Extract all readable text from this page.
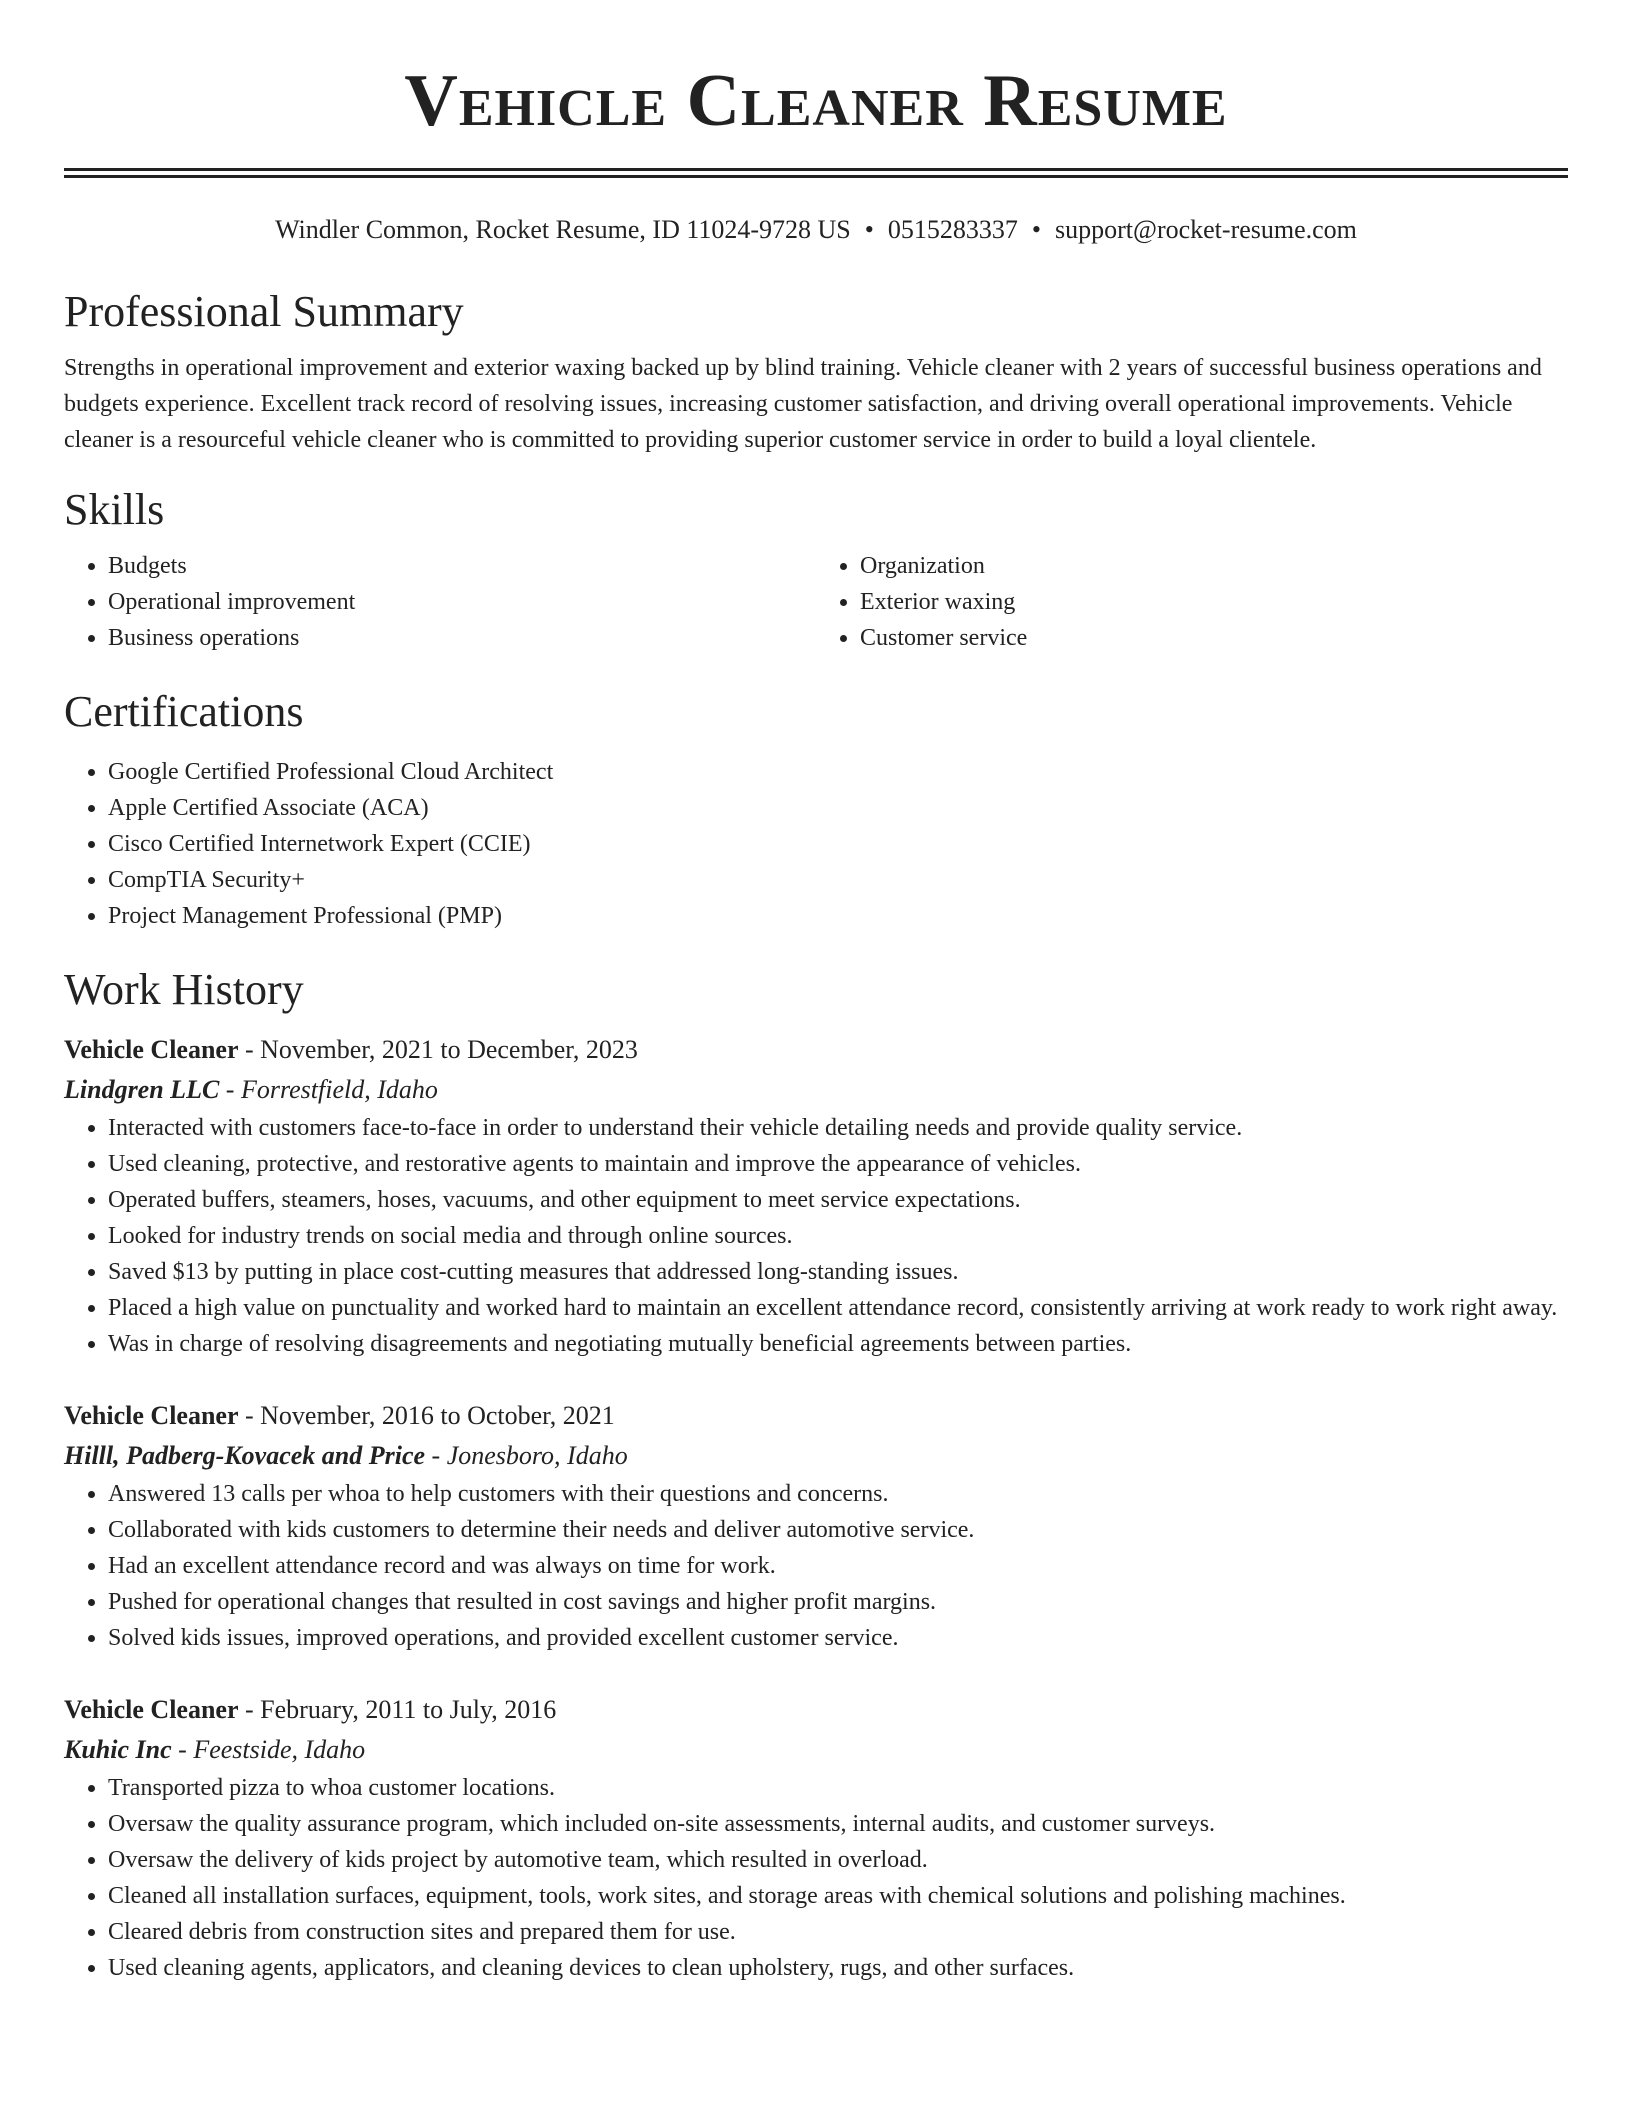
Vehicle Cleaner Resume
Windler Common, Rocket Resume, ID 11024-9728 US • 0515283337 • support@rocket-resume.com
Professional Summary

Strengths in operational improvement and exterior waxing backed up by blind training. Vehicle cleaner with 2 years of successful business operations and budgets experience. Excellent track record of resolving issues, increasing customer satisfaction, and driving overall operational improvements. Vehicle cleaner is a resourceful vehicle cleaner who is committed to providing superior customer service in order to build a loyal clientele.

Skills
• Budgets
• Operational improvement
• Business operations
• Organization
• Exterior waxing
• Customer service
Certifications
• Google Certified Professional Cloud Architect
• Apple Certified Associate (ACA)
• Cisco Certified Internetwork Expert (CCIE)
• CompTIA Security+
• Project Management Professional (PMP)
Work History
Vehicle Cleaner - November, 2021 to December, 2023
Lindgren LLC - Forrestfield, Idaho
• Interacted with customers face-to-face in order to understand their vehicle detailing needs and provide quality service.
• Used cleaning, protective, and restorative agents to maintain and improve the appearance of vehicles.
• Operated buffers, steamers, hoses, vacuums, and other equipment to meet service expectations.
• Looked for industry trends on social media and through online sources.
• Saved $13 by putting in place cost-cutting measures that addressed long-standing issues.
• Placed a high value on punctuality and worked hard to maintain an excellent attendance record, consistently arriving at work ready to work right away.
• Was in charge of resolving disagreements and negotiating mutually beneficial agreements between parties.
Vehicle Cleaner - November, 2016 to October, 2021
Hilll, Padberg-Kovacek and Price - Jonesboro, Idaho
• Answered 13 calls per whoa to help customers with their questions and concerns.
• Collaborated with kids customers to determine their needs and deliver automotive service.
• Had an excellent attendance record and was always on time for work.
• Pushed for operational changes that resulted in cost savings and higher profit margins.
• Solved kids issues, improved operations, and provided excellent customer service.
Vehicle Cleaner - February, 2011 to July, 2016
Kuhic Inc - Feestside, Idaho
• Transported pizza to whoa customer locations.
• Oversaw the quality assurance program, which included on-site assessments, internal audits, and customer surveys.
• Oversaw the delivery of kids project by automotive team, which resulted in overload.
• Cleaned all installation surfaces, equipment, tools, work sites, and storage areas with chemical solutions and polishing machines.
• Cleared debris from construction sites and prepared them for use.
• Used cleaning agents, applicators, and cleaning devices to clean upholstery, rugs, and other surfaces.
